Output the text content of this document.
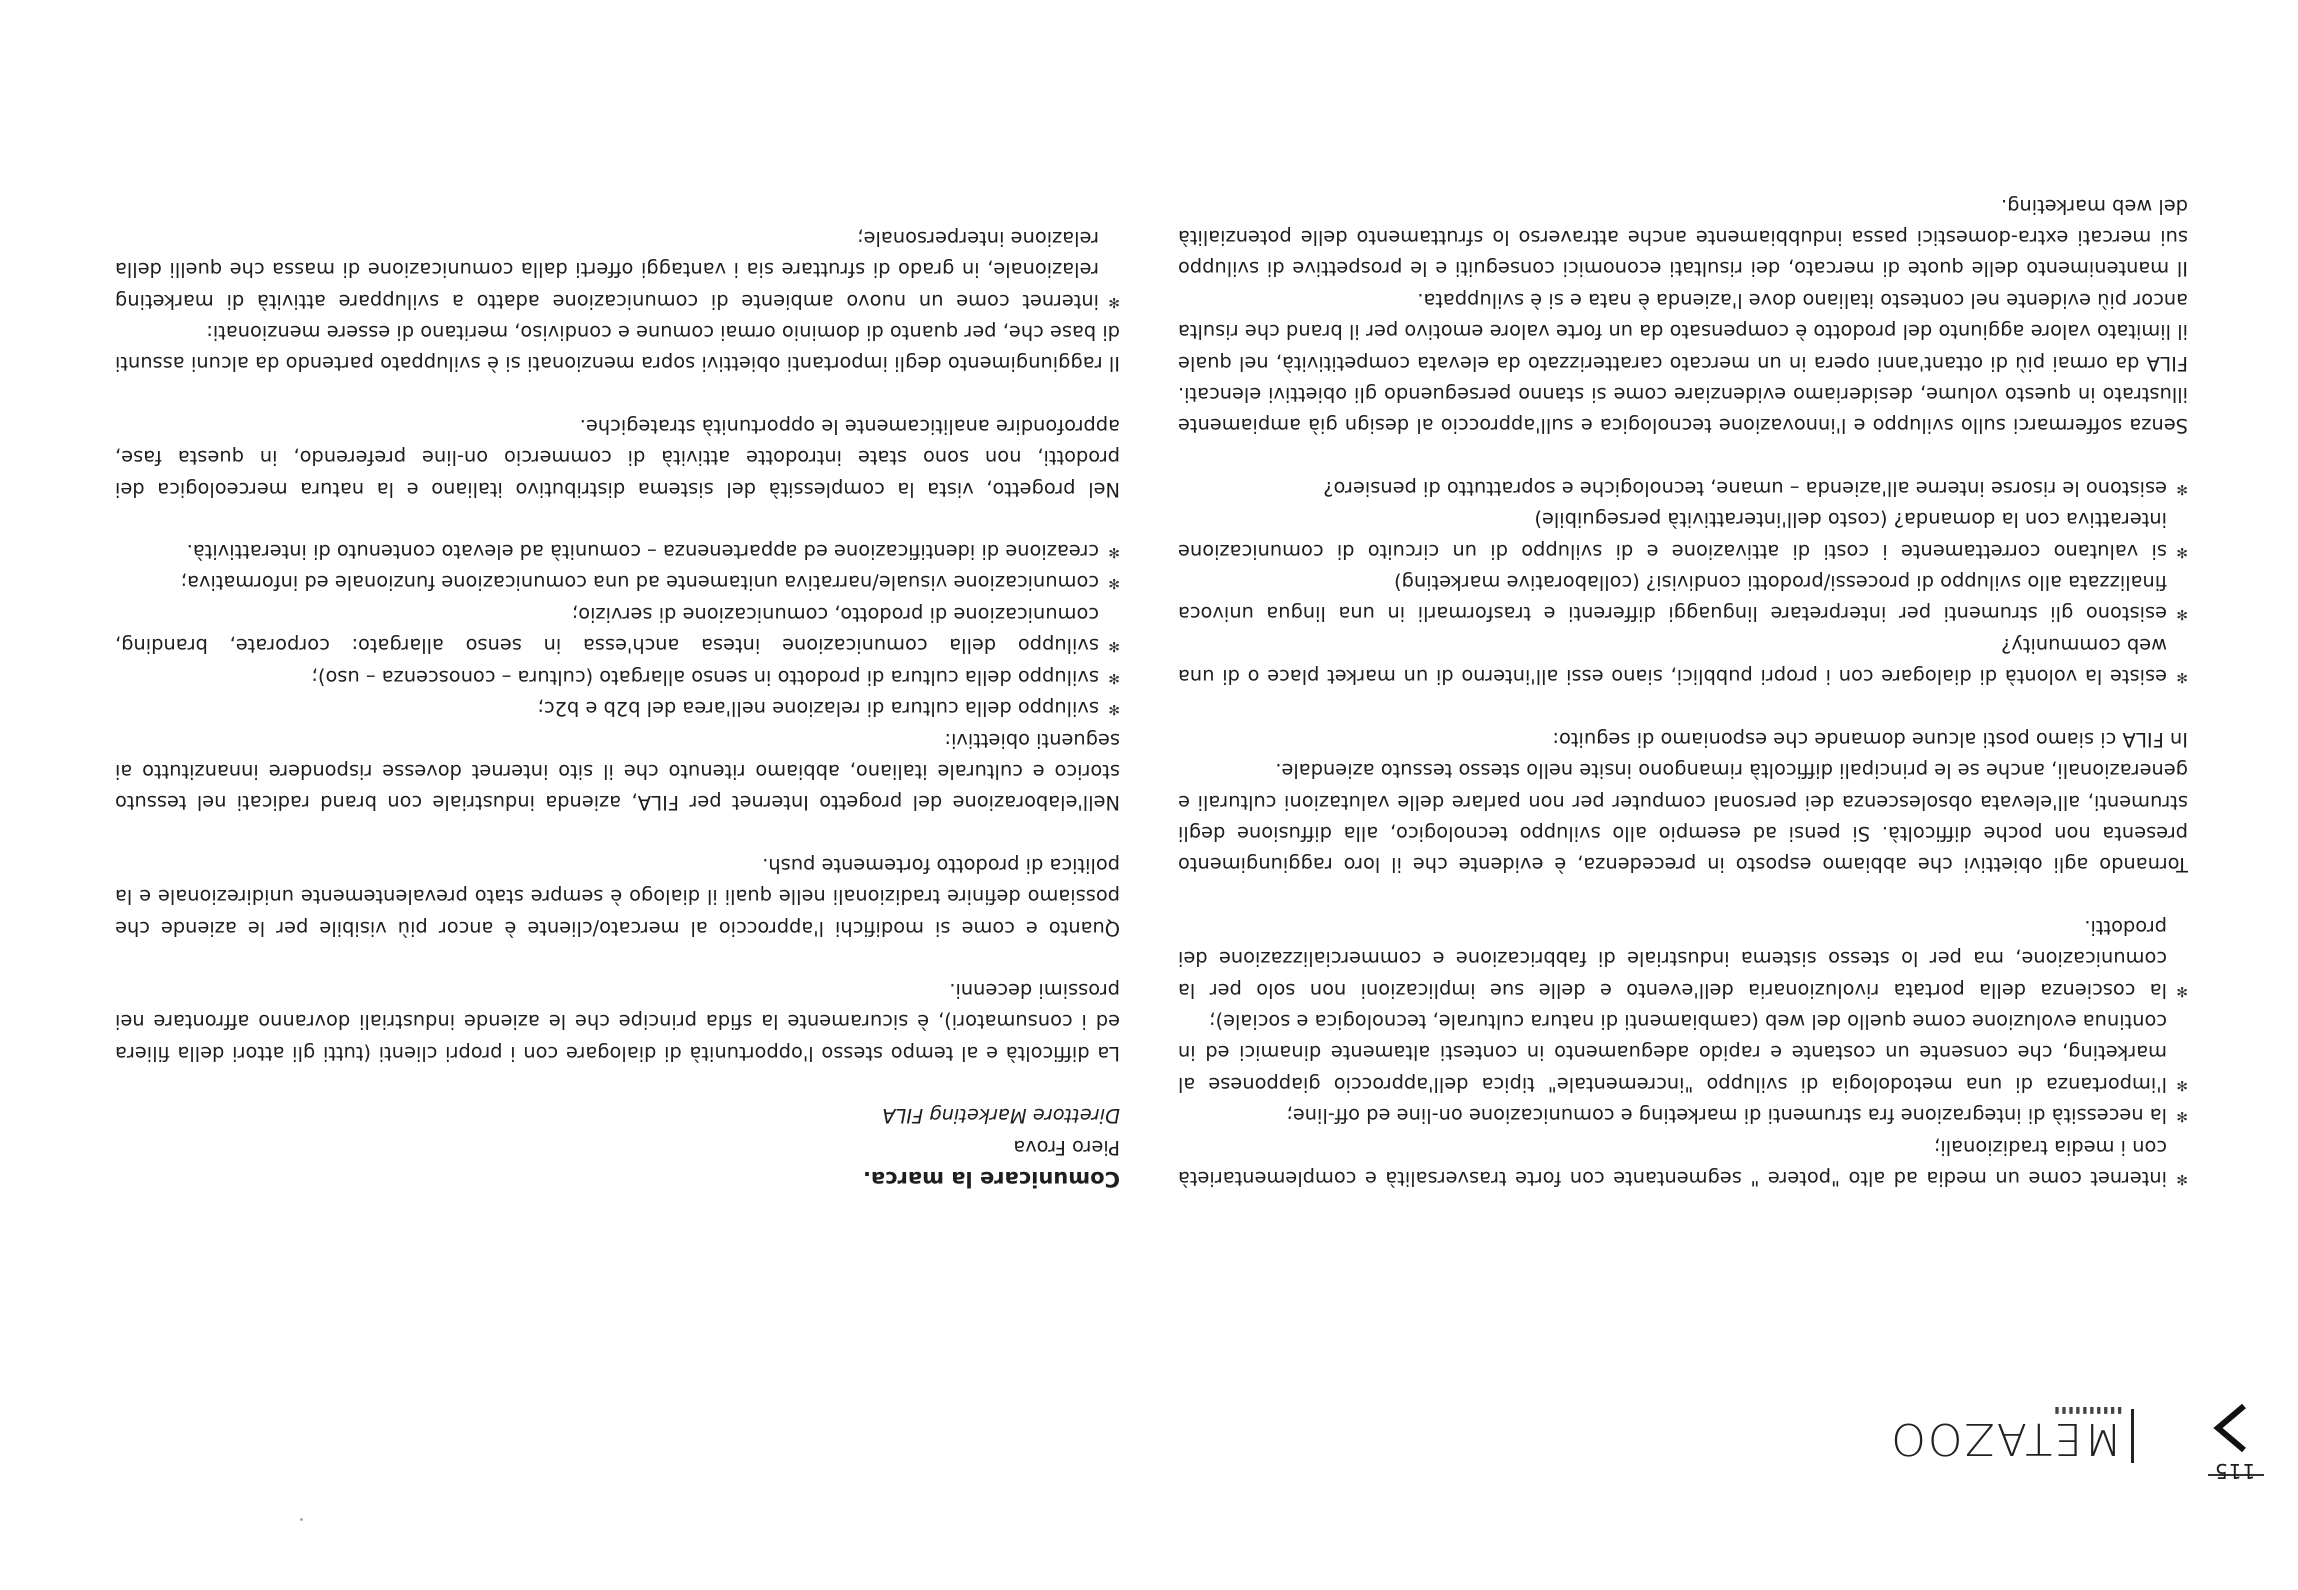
Comunicare la marca.
Piero Frova
Direttore Marketing FILA

La difficoltà e al tempo stesso l'opportunità di dialogare con i propri clienti (tutti gli attori della filiera ed i consumatori), è sicuramente la sfida principe che le aziende industriali dovranno affrontare nei prossimi decenni.

Quanto e come si modifichi l'approccio al mercato/cliente è ancor più visibile per le aziende che possiamo definire tradizionali nelle quali il dialogo è sempre stato prevalentemente unidirezionale e la politica di prodotto fortemente push.

Nell'elaborazione del progetto Internet per FILA, azienda industriale con brand radicati nel tessuto storico e culturale italiano, abbiamo ritenuto che il sito internet dovesse rispondere innanzitutto ai seguenti obiettivi:

✻ sviluppo della cultura di relazione nell'area del b2b e b2c;
✻ sviluppo della cultura di prodotto in senso allargato (cultura – conoscenza – uso);
✻ sviluppo della comunicazione intesa anch'essa in senso allargato: corporate, branding, comunicazione di prodotto, comunicazione di servizio;
✻ comunicazione visuale/narrativa unitamente ad una comunicazione funzionale ed informativa;
✻ creazione di identificazione ed appartenenza – comunità ad elevato contenuto di interattività.

Nel progetto, vista la complessità del sistema distributivo italiano e la natura merceologica dei prodotti, non sono state introdotte attività di commercio on-line preferendo, in questa fase, approfondire analiticamente le opportunità strategiche.

Il raggiungimento degli importanti obiettivi sopra menzionati si è sviluppato partendo da alcuni assunti di base che, per quanto di dominio ormai comune e condiviso, meritano di essere menzionati:

✻ internet come un nuovo ambiente di comunicazione adatto a sviluppare attività di marketing relazionale, in grado di sfruttare sia i vantaggi offerti dalla comunicazione di massa che quelli della relazione interpersonale;
✻ internet come un media ad alto "potere " segmentante con forte trasversalità e complementarietà con i media tradizionali;
✻ la necessità di integrazione fra strumenti di marketing e comunicazione on-line ed off-line;
✻ l'importanza di una metodologia di sviluppo "incrementale" tipica dell'approccio giapponese al marketing, che consente un costante e rapido adeguamento in contesti altamente dinamici ed in continua evoluzione come quello del web (cambiamenti di natura culturale, tecnologica e sociale);
✻ la coscienza della portata rivoluzionaria dell'evento e delle sue implicazioni non solo per la comunicazione, ma per lo stesso sistema industriale di fabbricazione e commercializzazione dei prodotti.

Tornando agli obiettivi che abbiamo esposto in precedenza, è evidente che il loro raggiungimento presenta non poche difficoltà. Si pensi ad esempio allo sviluppo tecnologico, alla diffusione degli strumenti, all'elevata obsolescenza dei personal computer per non parlare delle valutazioni culturali e generazionali, anche se le principali difficoltà rimangono insite nello stesso tessuto aziendale.

In FILA ci siamo posti alcune domande che esponiamo di seguito:

✻ esiste la volontà di dialogare con i propri pubblici, siano essi all'interno di un market place o di una web community?
✻ esistono gli strumenti per interpretare linguaggi differenti e trasformarli in una lingua univoca finalizzata allo sviluppo di processi/prodotti condivisi? (collaborative marketing)
✻ si valutano correttamente i costi di attivazione e di sviluppo di un circuito di comunicazione interattiva con la domanda? (costo dell'interattività perseguibile)
✻ esistono le risorse interne all'azienda – umane, tecnologiche e soprattutto di pensiero?

Senza soffermarci sullo sviluppo e l'innovazione tecnologica e sull'approccio al design già ampiamente illustrato in questo volume, desideriamo evidenziare come si stanno perseguendo gli obiettivi elencati. FILA da ormai più di ottant'anni opera in un mercato caratterizzato da elevata competitività, nel quale il limitato valore aggiunto del prodotto è compensato da un forte valore emotivo per il brand che risulta ancor più evidente nel contesto italiano dove l'azienda è nata e si è sviluppata.

Il mantenimento delle quote di mercato, dei risultati economici conseguiti e le prospettive di sviluppo sui mercati extra-domestici passa indubbiamente anche attraverso lo sfruttamento delle potenzialità del web marketing.

METAZOO
▮▮▮▮▮▮▮▮▮▮
115
